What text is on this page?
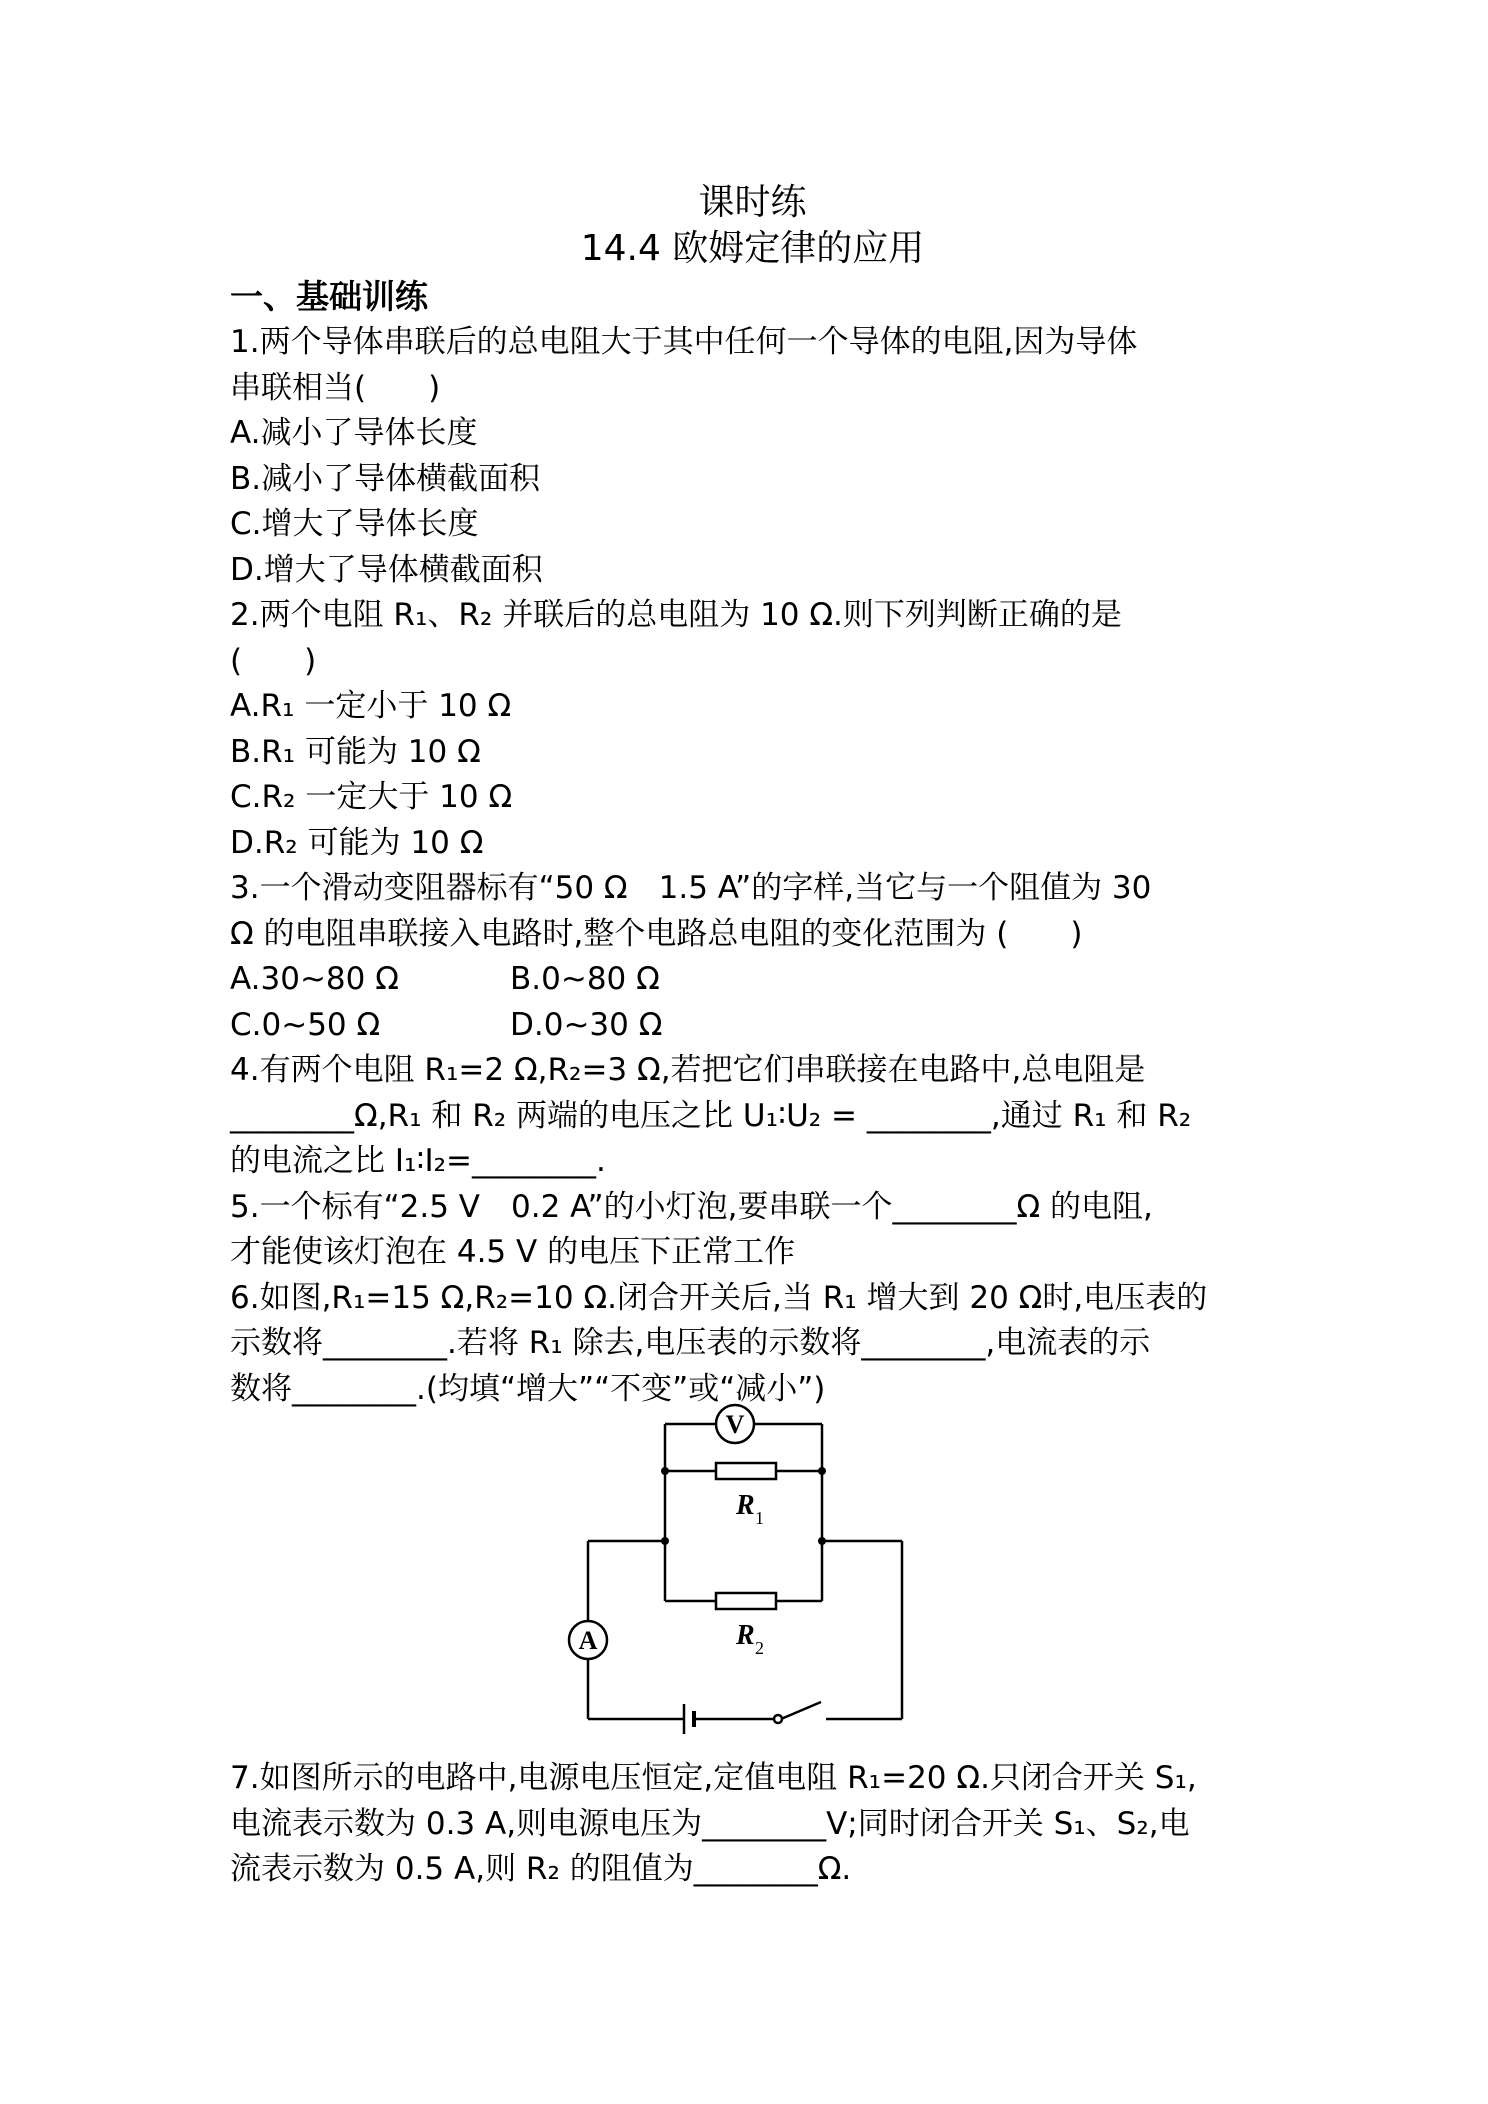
课时练
14.4 欧姆定律的应用
一、基础训练
1.两个导体串联后的总电阻大于其中任何一个导体的电阻,因为导体
串联相当(　　)
A.减小了导体长度
B.减小了导体横截面积
C.增大了导体长度
D.增大了导体横截面积
2.两个电阻 R₁、R₂ 并联后的总电阻为 10 Ω.则下列判断正确的是
(　　)
A.R₁ 一定小于 10 Ω
B.R₁ 可能为 10 Ω
C.R₂ 一定大于 10 Ω
D.R₂ 可能为 10 Ω
3.一个滑动变阻器标有“50 Ω　1.5 A”的字样,当它与一个阻值为 30
Ω 的电阻串联接入电路时,整个电路总电阻的变化范围为 (　　)
A.30~80 Ω	B.0~80 Ω
C.0~50 Ω	D.0~30 Ω
4.有两个电阻 R₁=2 Ω,R₂=3 Ω,若把它们串联接在电路中,总电阻是
________Ω,R₁ 和 R₂ 两端的电压之比 U₁∶U₂ = ________,通过 R₁ 和 R₂
的电流之比 I₁∶I₂=________.
5.一个标有“2.5 V　0.2 A”的小灯泡,要串联一个________Ω 的电阻,
才能使该灯泡在 4.5 V 的电压下正常工作
6.如图,R₁=15 Ω,R₂=10 Ω.闭合开关后,当 R₁ 增大到 20 Ω时,电压表的
示数将________.若将 R₁ 除去,电压表的示数将________,电流表的示
数将________.(均填“增大”“不变”或“减小”)
V
A
R 1
R 2
7.如图所示的电路中,电源电压恒定,定值电阻 R₁=20 Ω.只闭合开关 S₁,
电流表示数为 0.3 A,则电源电压为________V;同时闭合开关 S₁、S₂,电
流表示数为 0.5 A,则 R₂ 的阻值为________Ω.
